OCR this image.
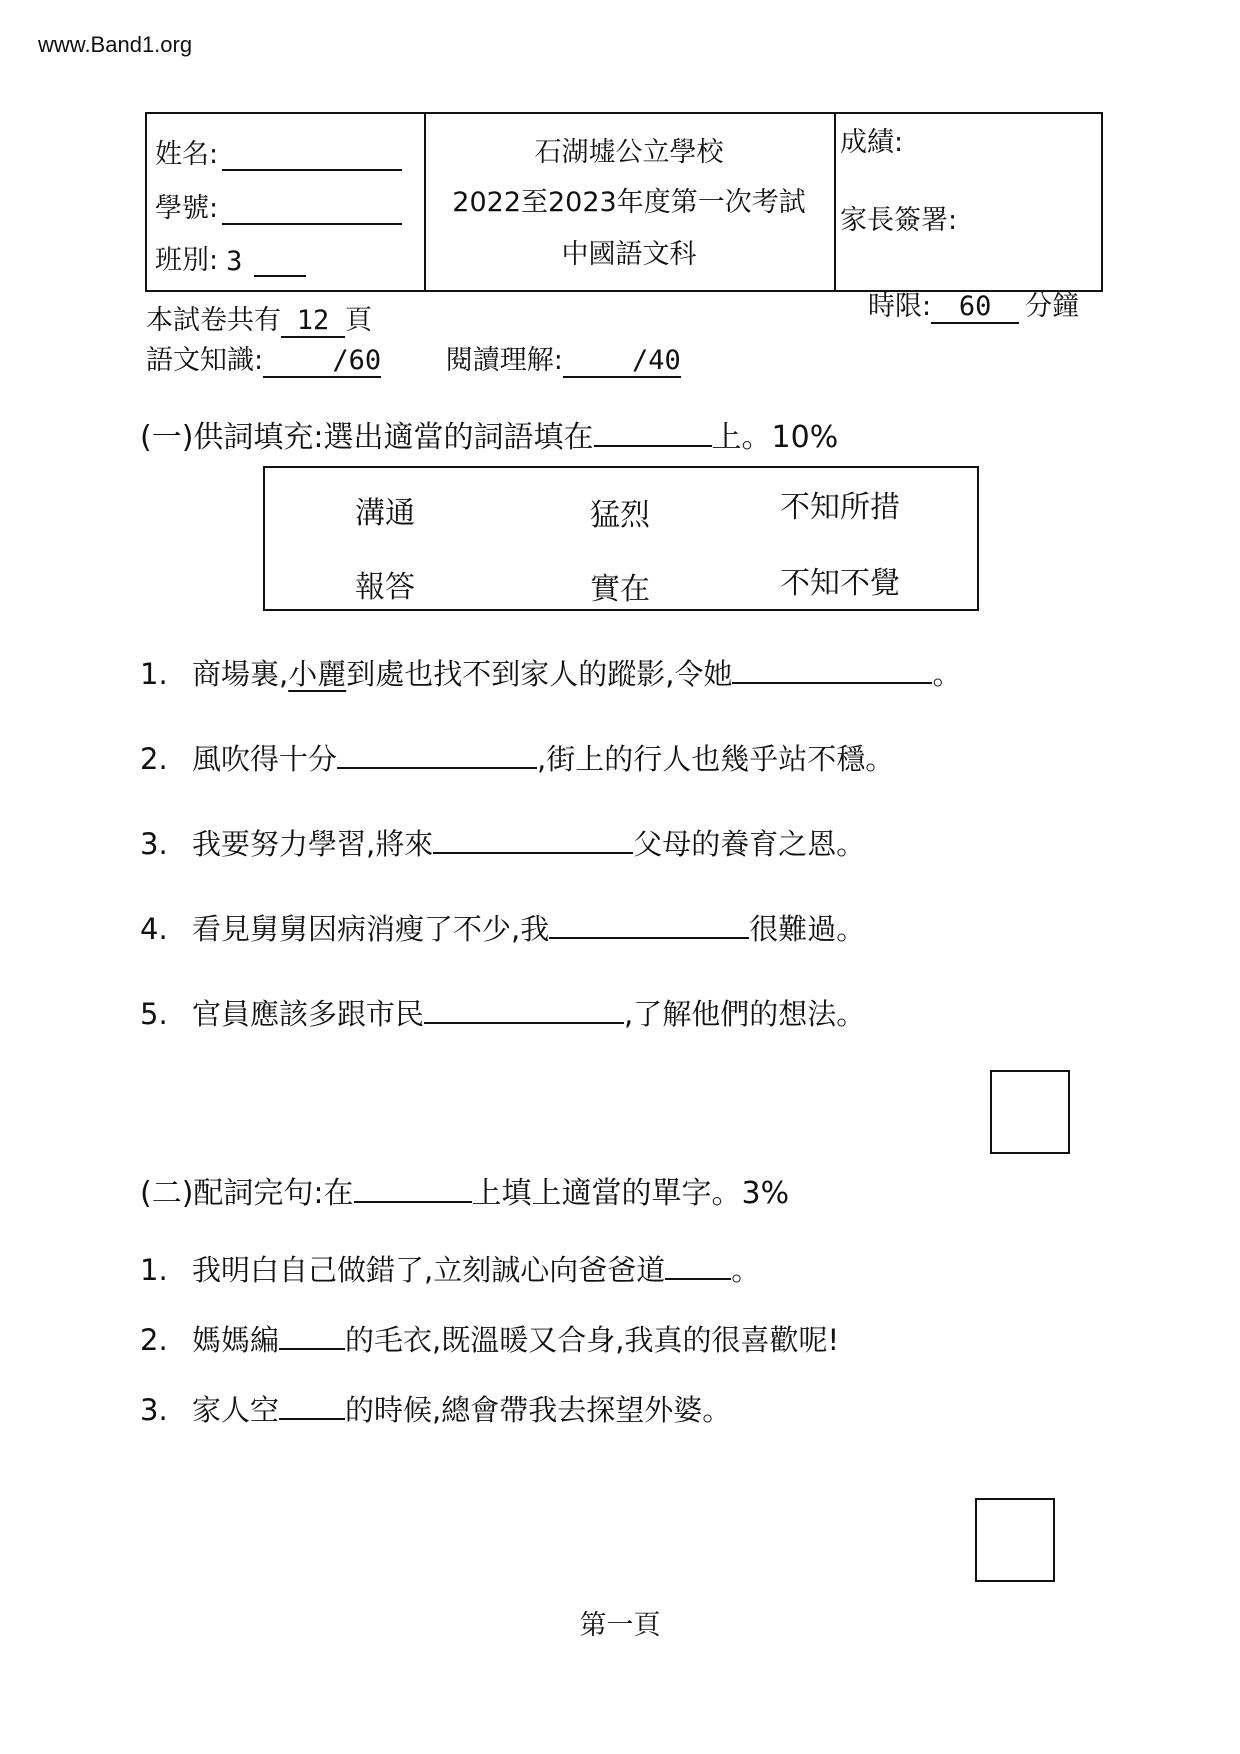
www.Band1.org
姓名:
學號:
班別: 3
石湖墟公立學校
2022至2023年度第一次考試
中國語文科
成績:
家長簽署:
本試卷共有 12 頁	時限: 60 分鐘
語文知識:	/60 閱讀理解:	/40
(一)供詞填充:選出適當的詞語填在	上。10%
溝通	猛烈	不知所措
報答	實在	不知不覺
1. 商場裏,小麗到處也找不到家人的蹤影,令她	。
2. 風吹得十分	,街上的行人也幾乎站不穩。
3. 我要努力學習,將來	父母的養育之恩。
4. 看見舅舅因病消瘦了不少,我	很難過。
5. 官員應該多跟市民	,了解他們的想法。
(二)配詞完句:在	上填上適當的單字。3%
1. 我明白自己做錯了,立刻誠心向爸爸道 。
2. 媽媽編 的毛衣,既溫暖又合身,我真的很喜歡呢!
3. 家人空 的時候,總會帶我去探望外婆。
第一頁
